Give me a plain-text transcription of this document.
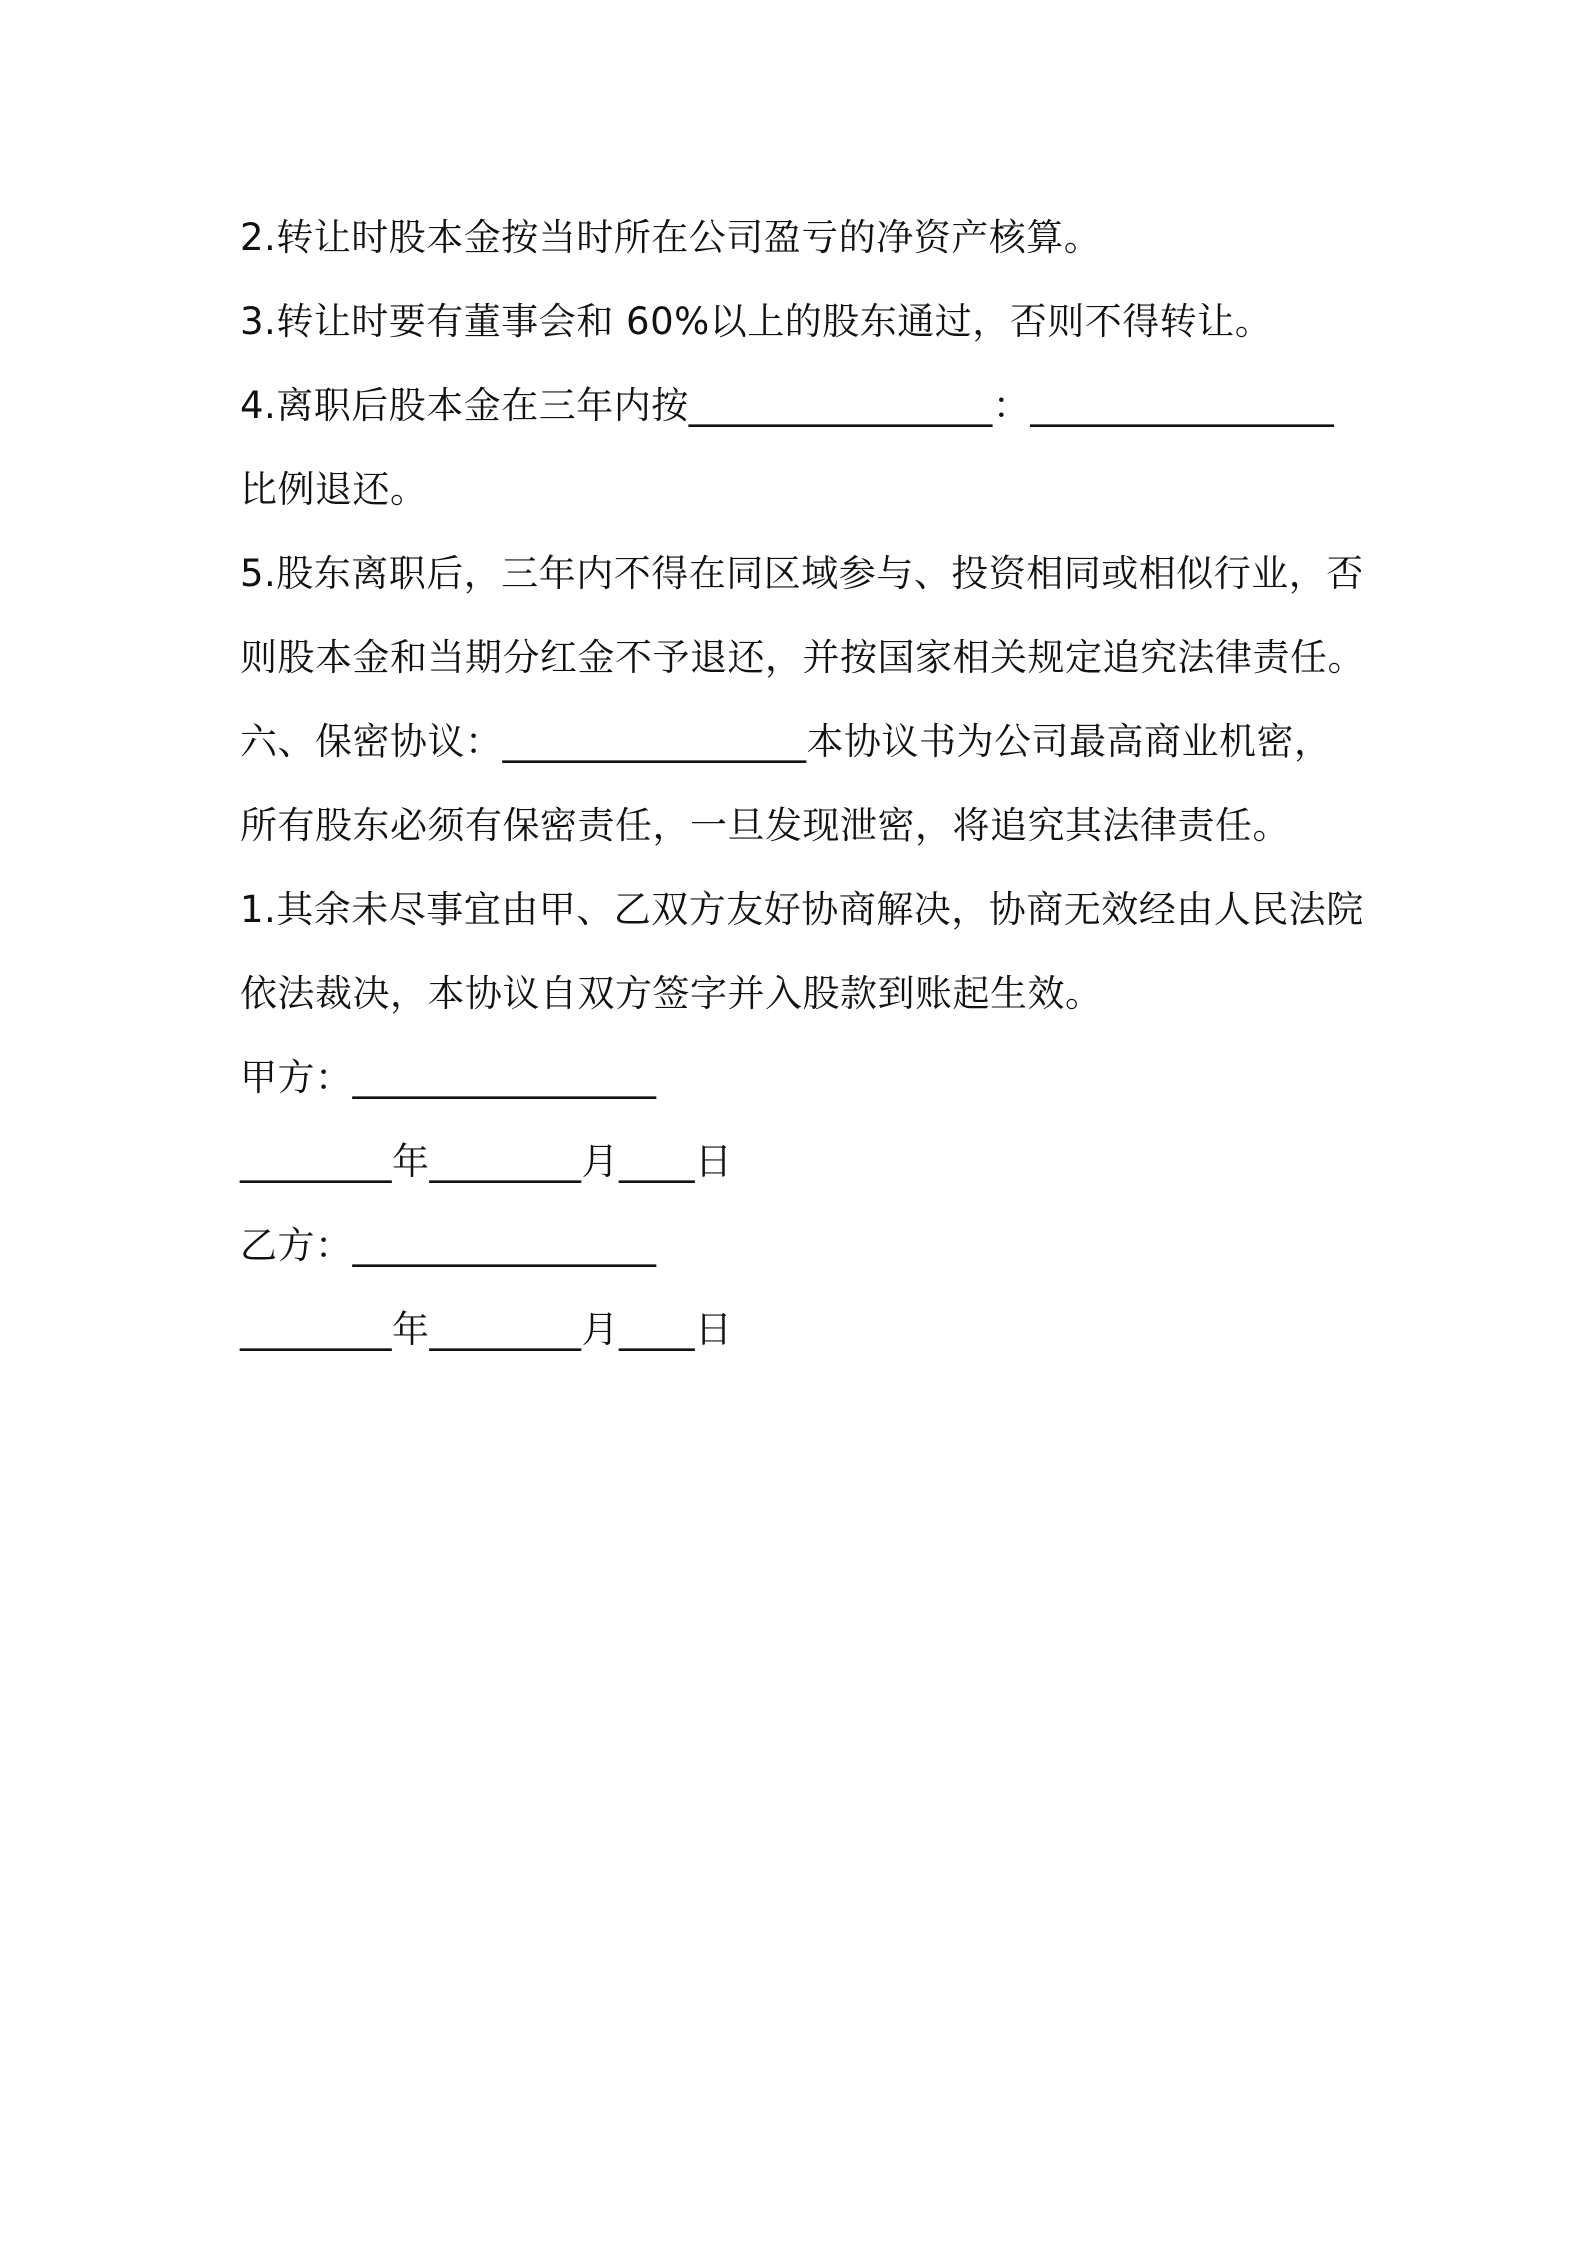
2.转让时股本金按当时所在公司盈亏的净资产核算。
3.转让时要有董事会和 60%以上的股东通过，否则不得转让。
4.离职后股本金在三年内按________________：________________
比例退还。
5.股东离职后，三年内不得在同区域参与、投资相同或相似行业，否
则股本金和当期分红金不予退还，并按国家相关规定追究法律责任。
六、保密协议：________________本协议书为公司最高商业机密，
所有股东必须有保密责任，一旦发现泄密，将追究其法律责任。
1.其余未尽事宜由甲、乙双方友好协商解决，协商无效经由人民法院
依法裁决，本协议自双方签字并入股款到账起生效。
甲方：________________
________年________月____日
乙方：________________
________年________月____日
